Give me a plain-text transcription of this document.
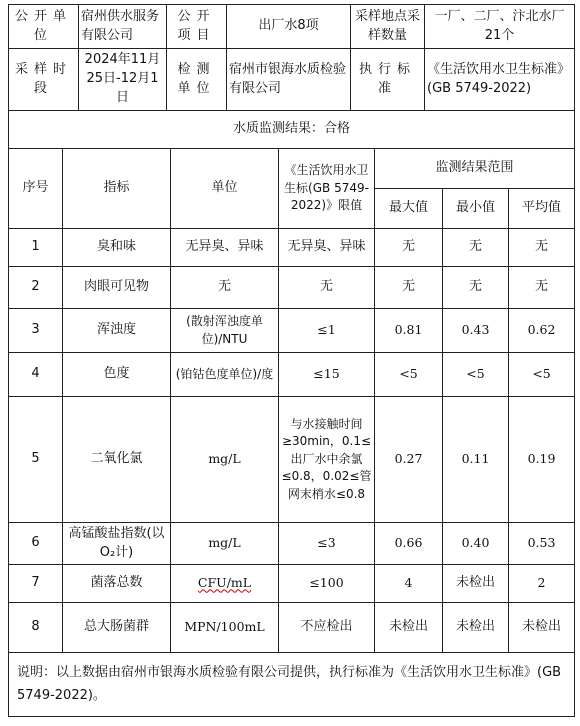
公开单位	宿州供水服务有限公司	公开项目	出厂水8项	采样地点采样数量	一厂、二厂、汴北水厂 21个
采样时段	2024年11月25日-12月1日	检测单位	宿州市银海水质检验有限公司	执行标准	《生活饮用水卫生标准》(GB 5749-2022)
水质监测结果：合格						
序号	指标	单位	《生活饮用水卫生标(GB 5749-2022)》限值	监测结果范围		
				最大值	最小值	平均值
1	臭和味	无异臭、异味	无异臭、异味	无	无	无
2	肉眼可见物	无	无	无	无	无
3	浑浊度	(散射浑浊度单位)/NTU	≤1	0.81	0.43	0.62
4	色度	(铂钴色度单位)/度	≤15	<5	<5	<5
5	二氧化氯	mg/L	与水接触时间≥30min，0.1≤出厂水中余氯≤0.8，0.02≤管网末梢水≤0.8	0.27	0.11	0.19
6	高锰酸盐指数(以O₂计)	mg/L	≤3	0.66	0.40	0.53
7	菌落总数	CFU/mL	≤100	4	未检出	2
8	总大肠菌群	MPN/100mL	不应检出	未检出	未检出	未检出
说明：以上数据由宿州市银海水质检验有限公司提供，执行标准为《生活饮用水卫生标准》(GB 5749-2022)。						
